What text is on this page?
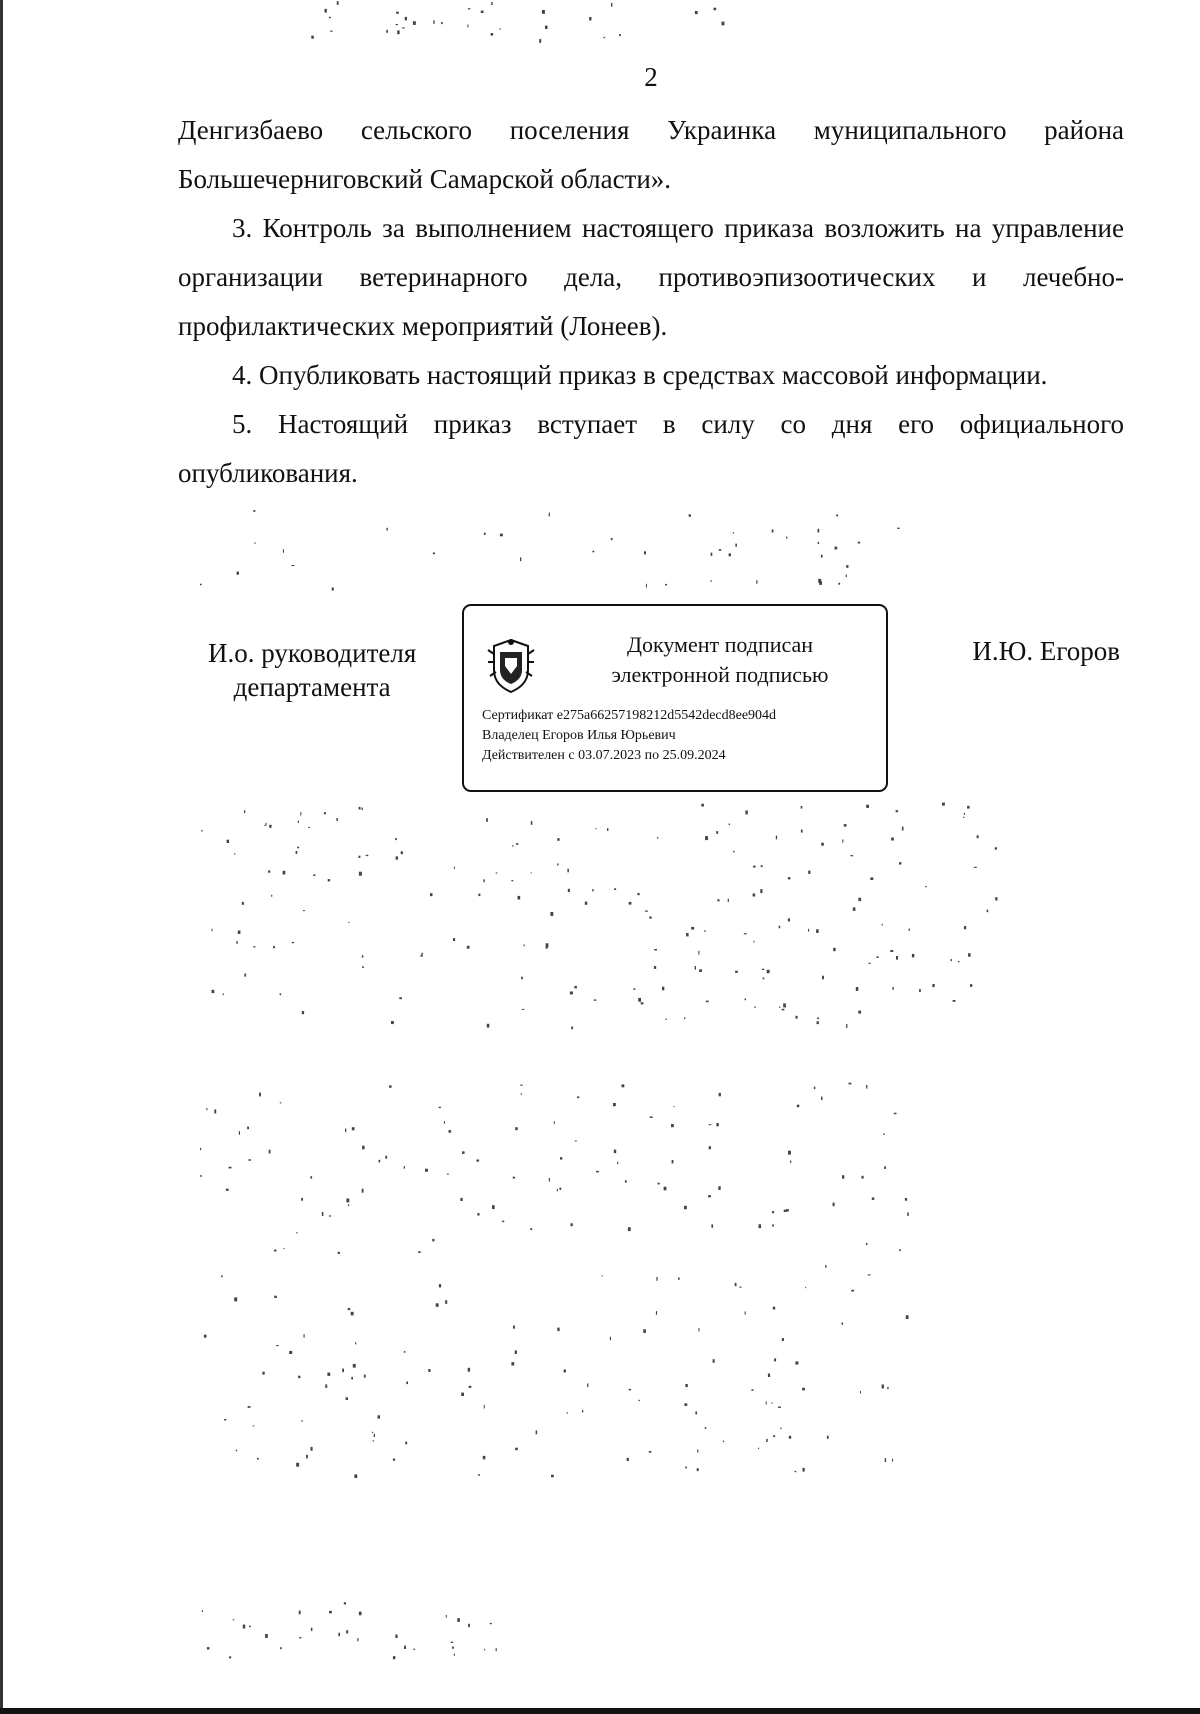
2

Денгизбаево сельского поселения Украинка муниципального района Большечерниговский Самарской области».

3. Контроль за выполнением настоящего приказа возложить на управление организации ветеринарного дела, противоэпизоотических и лечебно-профилактических мероприятий (Лонеев).

4. Опубликовать настоящий приказ в средствах массовой информации.

5. Настоящий приказ вступает в силу со дня его официального опубликования.

И.о. руководителя
департамента
И.Ю. Егоров
Документ подписан
электронной подписью
Сертификат e275a66257198212d5542decd8ee904d
Владелец Егоров Илья Юрьевич
Действителен с 03.07.2023 по 25.09.2024
